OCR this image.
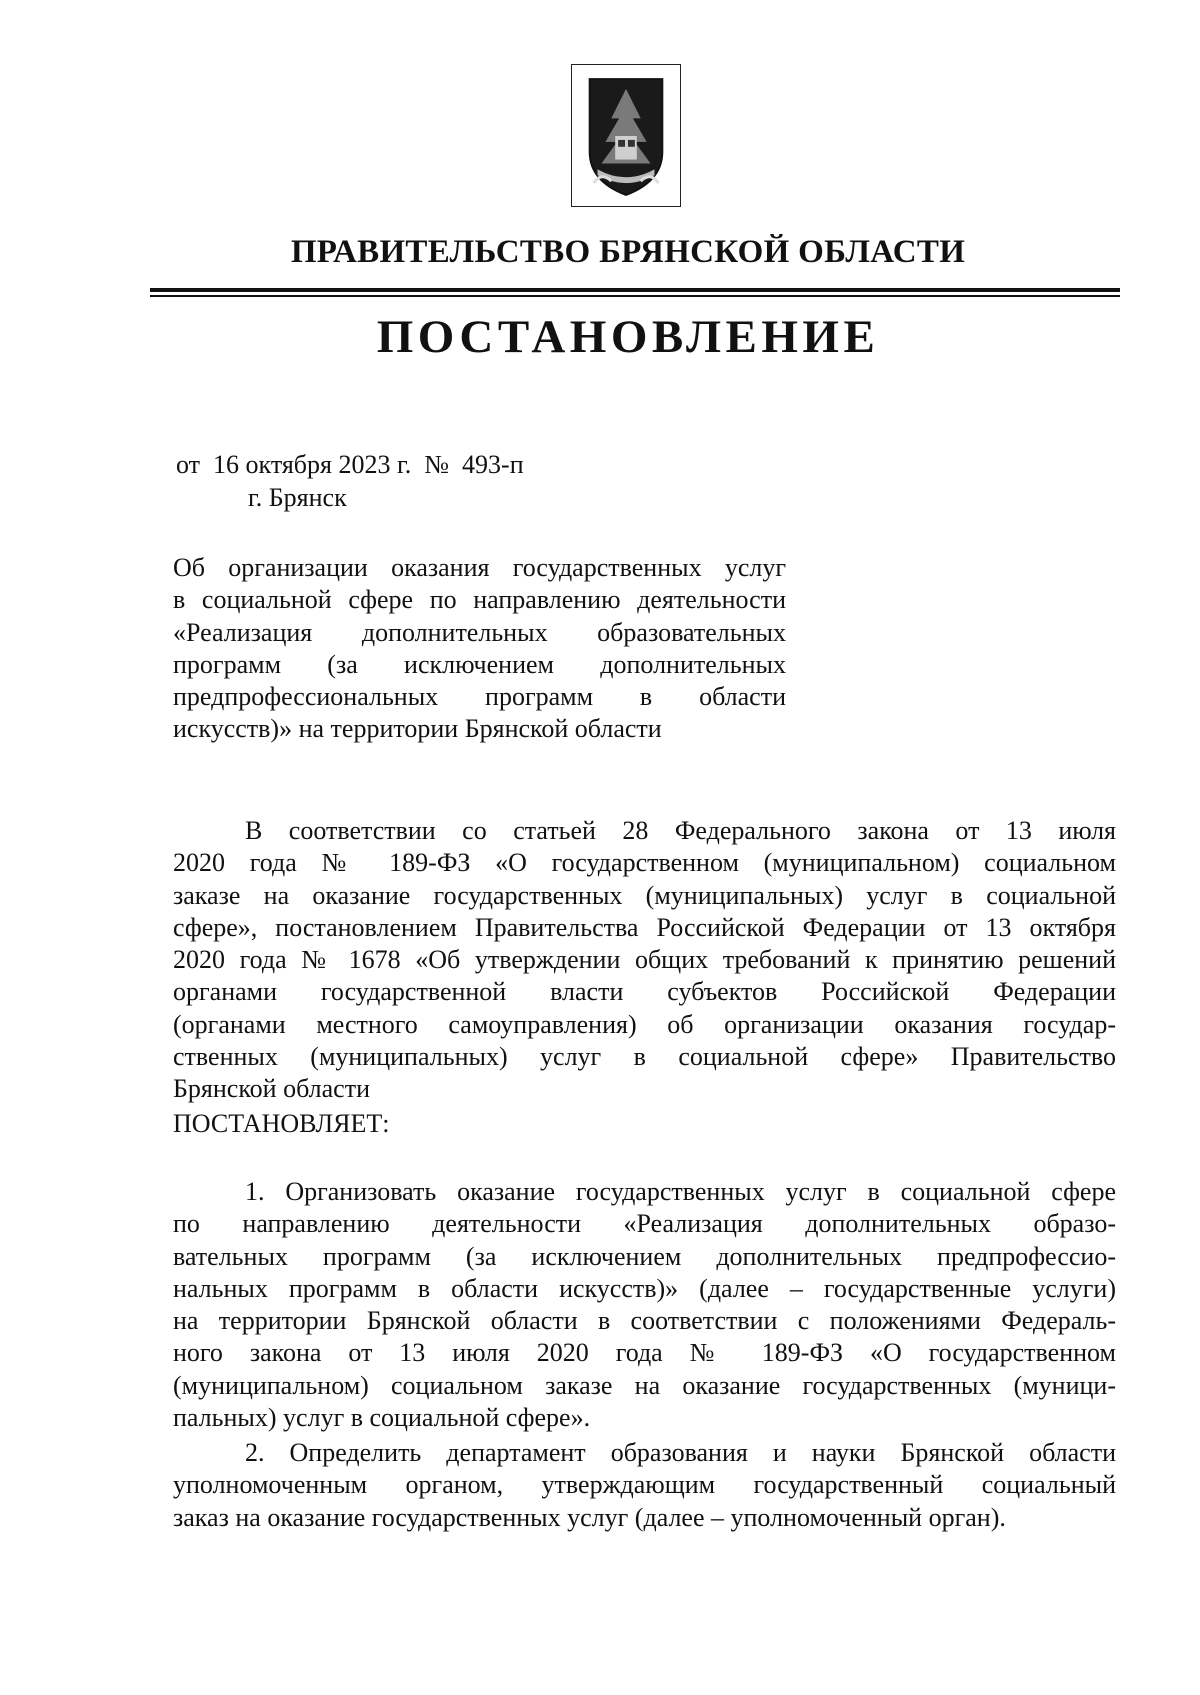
ПРАВИТЕЛЬСТВО БРЯНСКОЙ ОБЛАСТИ
ПОСТАНОВЛЕНИЕ
от 16 октября 2023 г. № 493-п
г. Брянск
Об организации оказания государственных услуг
в социальной сфере по направлению деятельности
«Реализация дополнительных образовательных
программ (за исключением дополнительных
предпрофессиональных программ в области
искусств)» на территории Брянской области
В соответствии со статьей 28 Федерального закона от 13 июля
2020 года № 189-ФЗ «О государственном (муниципальном) социальном
заказе на оказание государственных (муниципальных) услуг в социальной
сфере», постановлением Правительства Российской Федерации от 13 октября
2020 года № 1678 «Об утверждении общих требований к принятию решений
органами государственной власти субъектов Российской Федерации
(органами местного самоуправления) об организации оказания государ-
ственных (муниципальных) услуг в социальной сфере» Правительство
Брянской области
ПОСТАНОВЛЯЕТ:
1. Организовать оказание государственных услуг в социальной сфере
по направлению деятельности «Реализация дополнительных образо-
вательных программ (за исключением дополнительных предпрофессио-
нальных программ в области искусств)» (далее – государственные услуги)
на территории Брянской области в соответствии с положениями Федераль-
ного закона от 13 июля 2020 года № 189-ФЗ «О государственном
(муниципальном) социальном заказе на оказание государственных (муници-
пальных) услуг в социальной сфере».
2. Определить департамент образования и науки Брянской области
уполномоченным органом, утверждающим государственный социальный
заказ на оказание государственных услуг (далее – уполномоченный орган).
